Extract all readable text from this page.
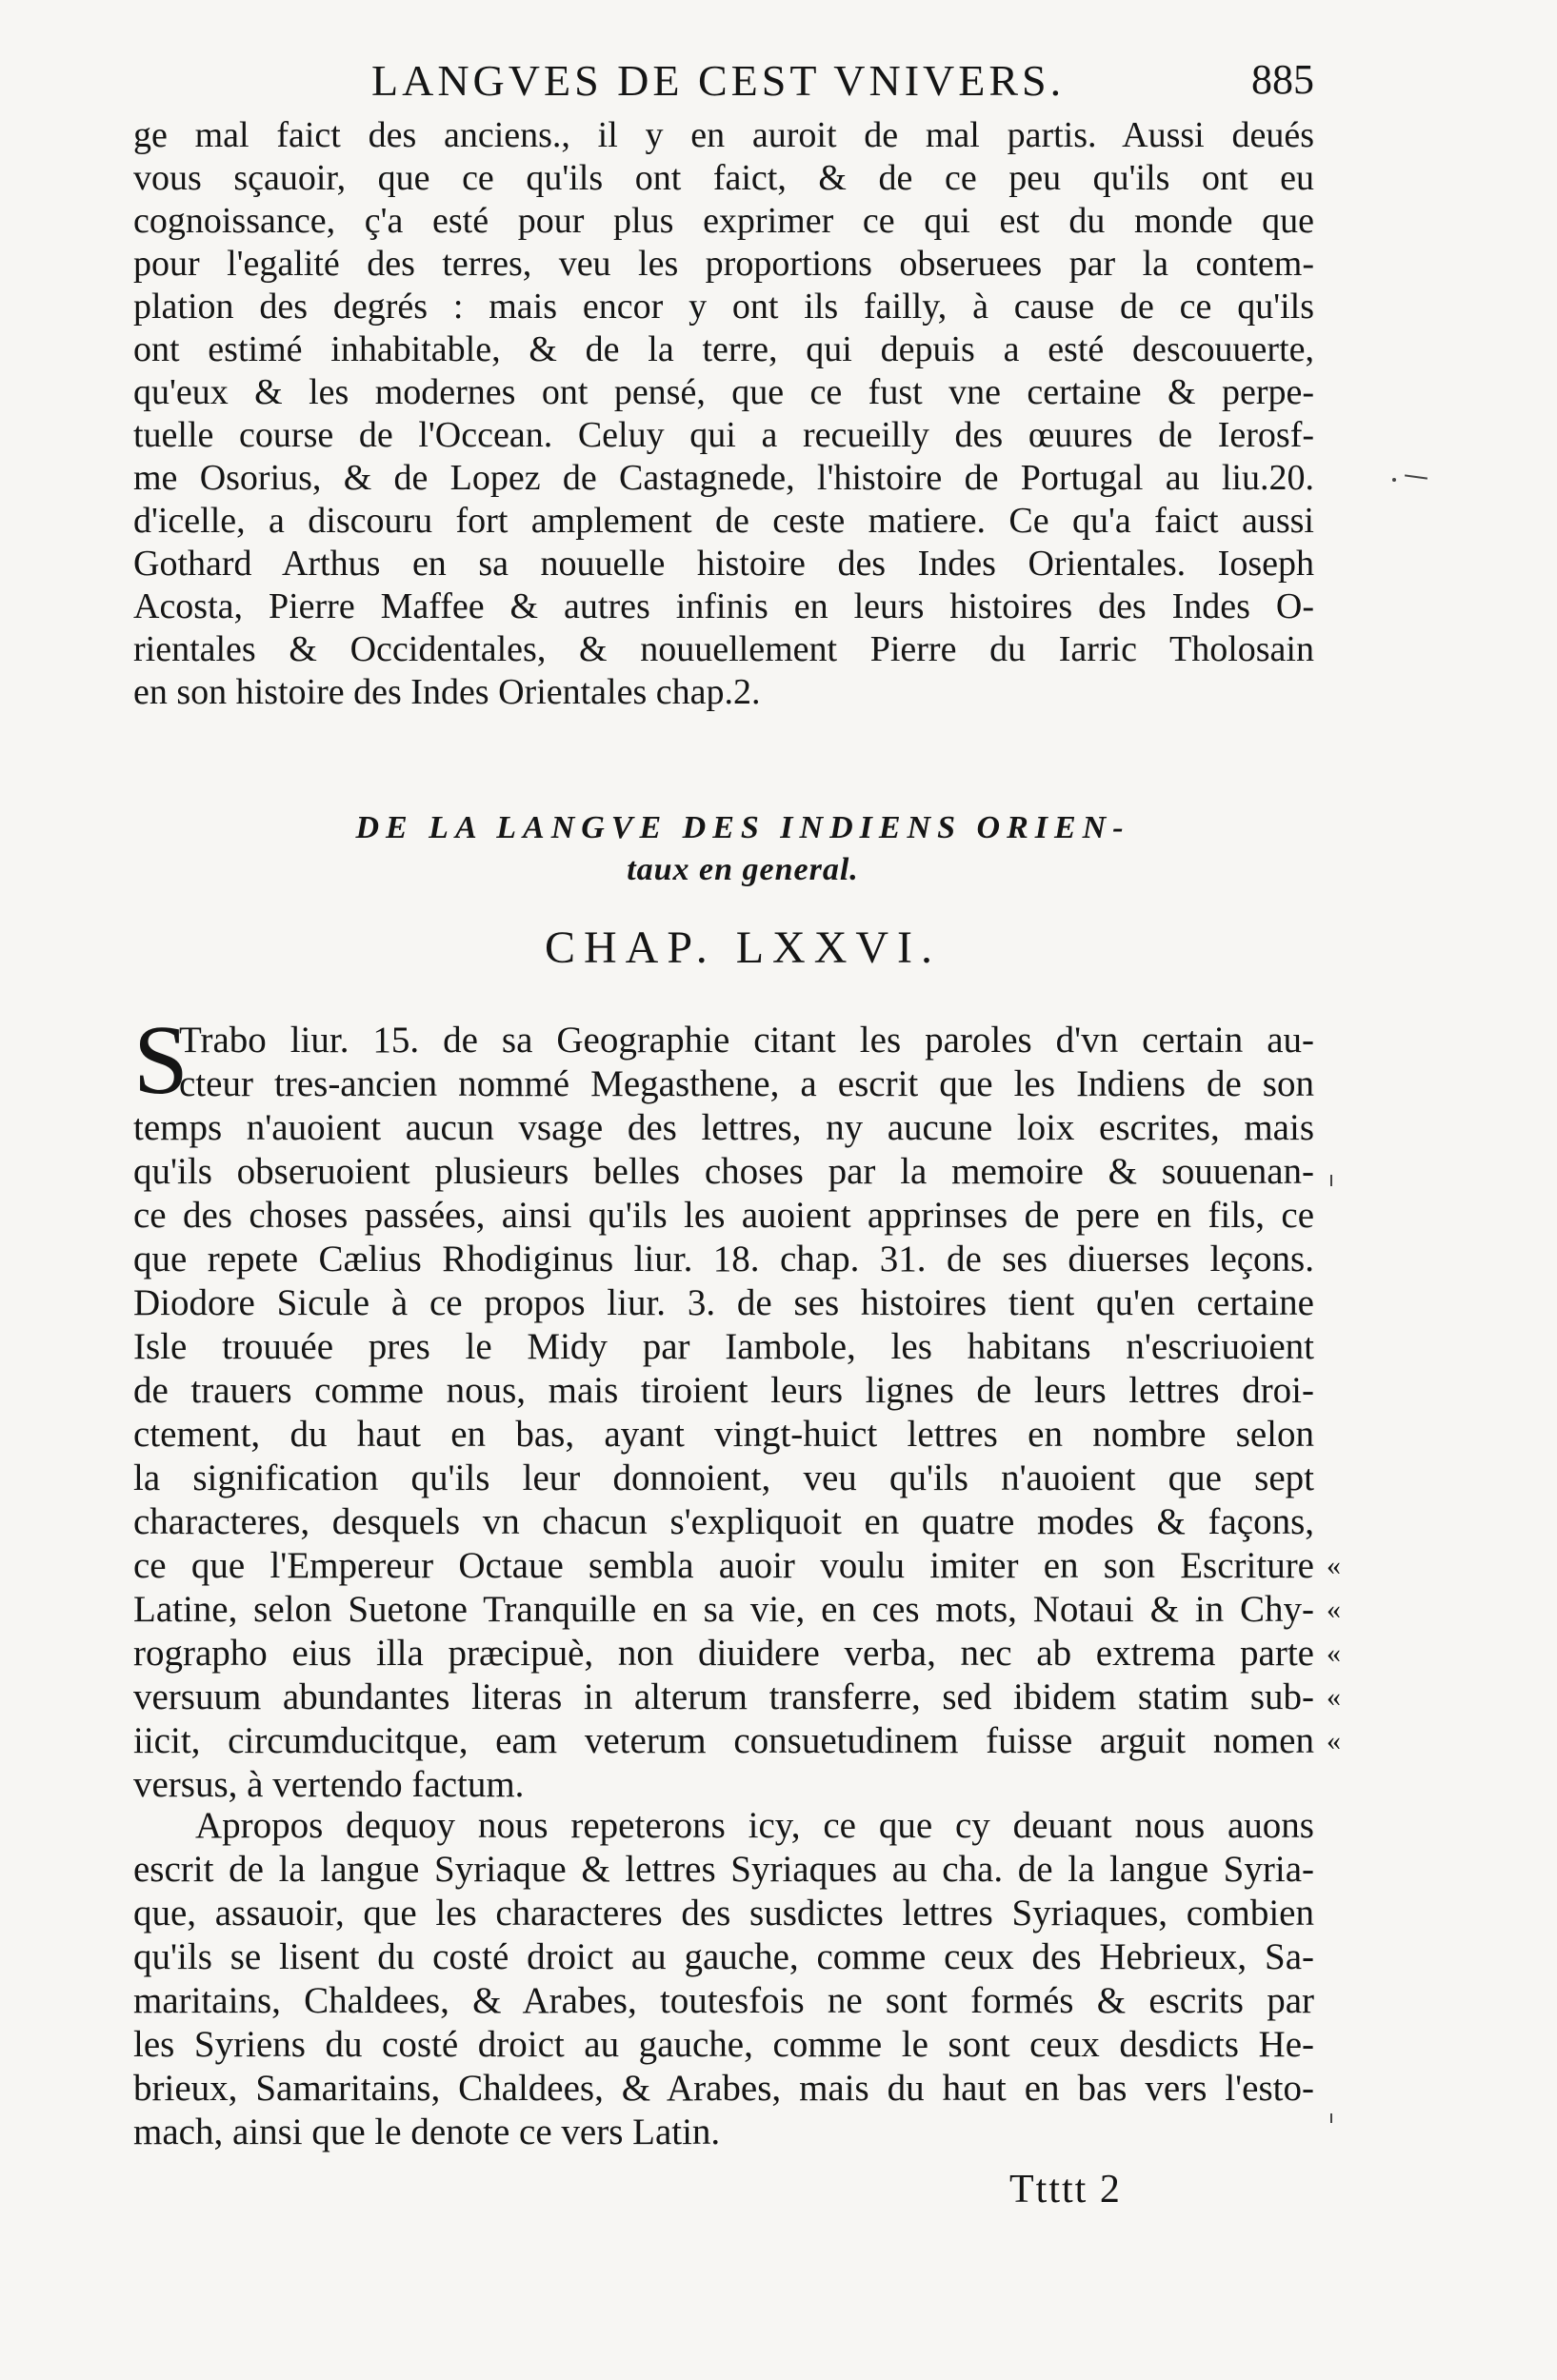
LANGVES DE CEST VNIVERS.	885
ge mal faict des anciens., il y en auroit de mal partis. Aussi deués
vous sçauoir, que ce qu'ils ont faict, & de ce peu qu'ils ont eu
cognoissance, ç'a esté pour plus exprimer ce qui est du monde que
pour l'egalité des terres, veu les proportions obseruees par la contem-
plation des degrés : mais encor y ont ils failly, à cause de ce qu'ils
ont estimé inhabitable, & de la terre, qui depuis a esté descouuerte,
qu'eux & les modernes ont pensé, que ce fust vne certaine & perpe-
tuelle course de l'Occean. Celuy qui a recueilly des œuures de Ierosf-
me Osorius, & de Lopez de Castagnede, l'histoire de Portugal au liu.20.
d'icelle, a discouru fort amplement de ceste matiere. Ce qu'a faict aussi
Gothard Arthus en sa nouuelle histoire des Indes Orientales. Ioseph
Acosta, Pierre Maffee & autres infinis en leurs histoires des Indes O-
rientales & Occidentales, & nouuellement Pierre du Iarric Tholosain
en son histoire des Indes Orientales chap.2.
DE LA LANGVE DES INDIENS ORIEN-
taux en general.
CHAP. LXXVI.
S
Trabo liur. 15. de sa Geographie citant les paroles d'vn certain au-
cteur tres-ancien nommé Megasthene, a escrit que les Indiens de son
temps n'auoient aucun vsage des lettres, ny aucune loix escrites, mais
qu'ils obseruoient plusieurs belles choses par la memoire & souuenan-
ce des choses passées, ainsi qu'ils les auoient apprinses de pere en fils, ce
que repete Cælius Rhodiginus liur. 18. chap. 31. de ses diuerses leçons.
Diodore Sicule à ce propos liur. 3. de ses histoires tient qu'en certaine
Isle trouuée pres le Midy par Iambole, les habitans n'escriuoient
de trauers comme nous, mais tiroient leurs lignes de leurs lettres droi-
ctement, du haut en bas, ayant vingt-huict lettres en nombre selon
la signification qu'ils leur donnoient, veu qu'ils n'auoient que sept
characteres, desquels vn chacun s'expliquoit en quatre modes & façons,
ce que l'Empereur Octaue sembla auoir voulu imiter en son Escriture
Latine, selon Suetone Tranquille en sa vie, en ces mots, Notaui & in Chy-
rographo eius illa præcipuè, non diuidere verba, nec ab extrema parte
versuum abundantes literas in alterum transferre, sed ibidem statim sub-
iicit, circumducitque, eam veterum consuetudinem fuisse arguit nomen
versus, à vertendo factum.
«
«
«
«
«
Apropos dequoy nous repeterons icy, ce que cy deuant nous auons
escrit de la langue Syriaque & lettres Syriaques au cha. de la langue Syria-
que, assauoir, que les characteres des susdictes lettres Syriaques, combien
qu'ils se lisent du costé droict au gauche, comme ceux des Hebrieux, Sa-
maritains, Chaldees, & Arabes, toutesfois ne sont formés & escrits par
les Syriens du costé droict au gauche, comme le sont ceux desdicts He-
brieux, Samaritains, Chaldees, & Arabes, mais du haut en bas vers l'esto-
mach, ainsi que le denote ce vers Latin.
Ttttt 2
